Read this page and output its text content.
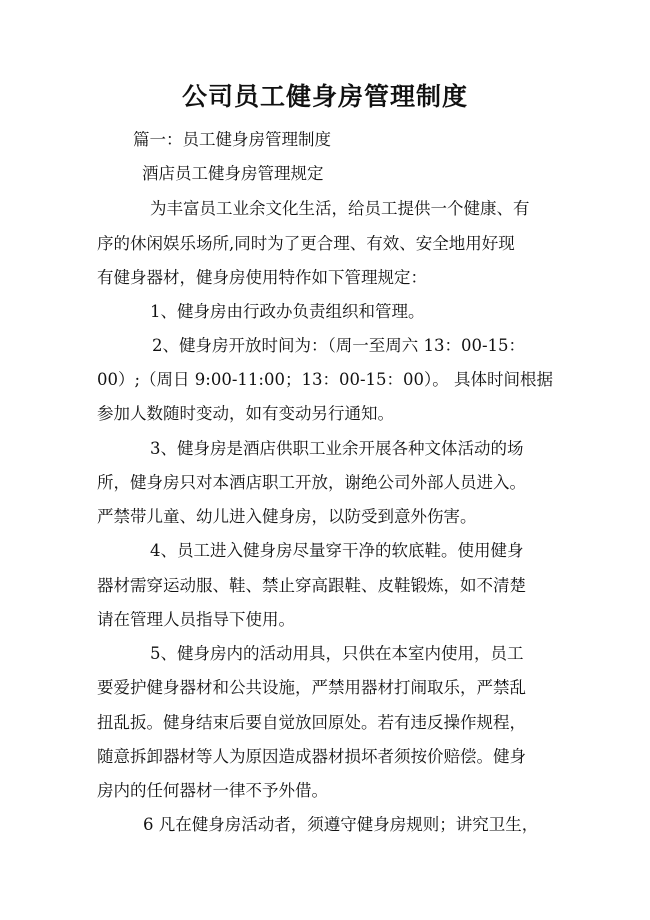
公司员工健身房管理制度
篇一：员工健身房管理制度
酒店员工健身房管理规定
为丰富员工业余文化生活，给员工提供一个健康、有
序的休闲娱乐场所,同时为了更合理、有效、安全地用好现
有健身器材，健身房使用特作如下管理规定：
1、健身房由行政办负责组织和管理。
2、健身房开放时间为：（周一至周六 13：00-15：
00）;（周日 9:00-11:00；13：00-15：00）。 具体时间根据
参加人数随时变动，如有变动另行通知。
3、健身房是酒店供职工业余开展各种文体活动的场
所，健身房只对本酒店职工开放，谢绝公司外部人员进入。
严禁带儿童、幼儿进入健身房，以防受到意外伤害。
4、员工进入健身房尽量穿干净的软底鞋。使用健身
器材需穿运动服、鞋、禁止穿高跟鞋、皮鞋锻炼，如不清楚
请在管理人员指导下使用。
5、健身房内的活动用具，只供在本室内使用，员工
要爱护健身器材和公共设施，严禁用器材打闹取乐，严禁乱
扭乱扳。健身结束后要自觉放回原处。若有违反操作规程，
随意拆卸器材等人为原因造成器材损坏者须按价赔偿。健身
房内的任何器材一律不予外借。
6 凡在健身房活动者，须遵守健身房规则；讲究卫生，
